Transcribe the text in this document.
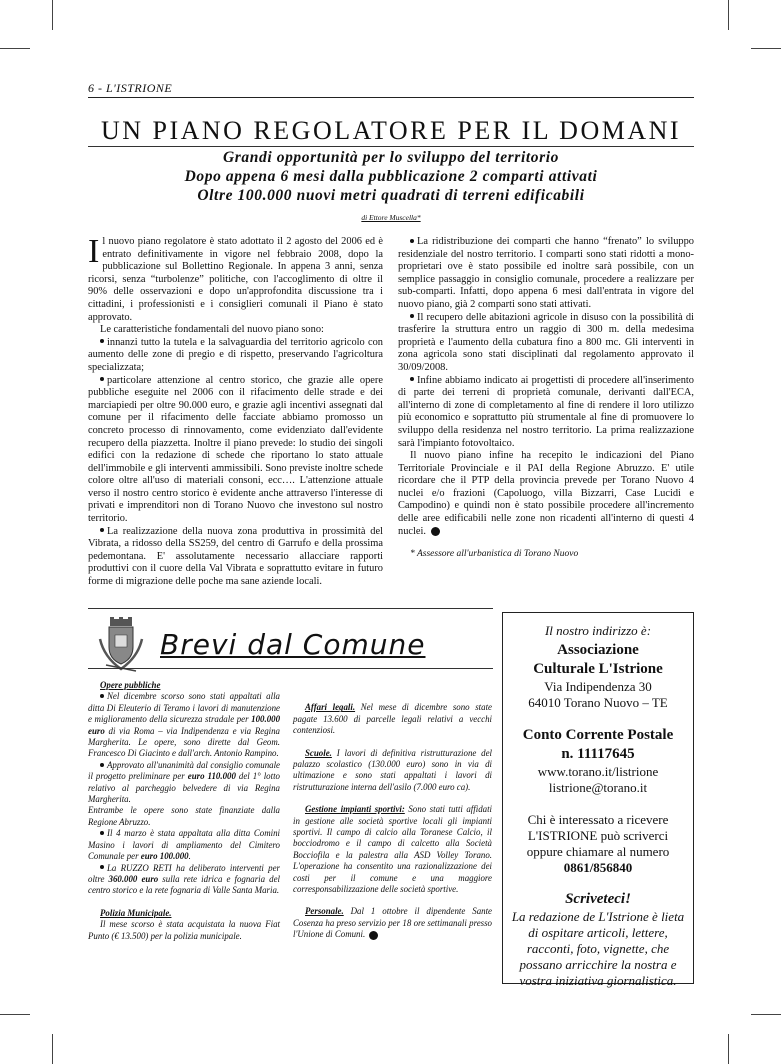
6 - L'ISTRIONE
UN PIANO REGOLATORE PER IL DOMANI
Grandi opportunità per lo sviluppo del territorio
Dopo appena 6 mesi dalla pubblicazione 2 comparti attivati
Oltre 100.000 nuovi metri quadrati di terreni edificabili
di Ettore Muscella*

Il nuovo piano regolatore è stato adottato il 2 agosto del 2006 ed è entrato definitivamente in vigore nel febbraio 2008, dopo la pubblicazione sul Bollettino Regionale. In appena 3 anni, senza ricorsi, senza “turbolenze” politiche, con l'accoglimento di oltre il 90% delle osservazioni e dopo un'approfondita discussione tra i cittadini, i professionisti e i consiglieri comunali il Piano è stato approvato.

Le caratteristiche fondamentali del nuovo piano sono:

innanzi tutto la tutela e la salvaguardia del territorio agricolo con aumento delle zone di pregio e di rispetto, preservando l'agricoltura specializzata;

particolare attenzione al centro storico, che grazie alle opere pubbliche eseguite nel 2006 con il rifacimento delle strade e dei marciapiedi per oltre 90.000 euro, e grazie agli incentivi assegnati dal comune per il rifacimento delle facciate abbiamo promosso un concreto processo di rinnovamento, come evidenziato dall'evidente recupero della piazzetta. Inoltre il piano prevede: lo studio dei singoli edifici con la redazione di schede che riportano lo stato attuale dell'immobile e gli interventi ammissibili. Sono previste inoltre schede colore oltre all'uso di materiali consoni, ecc…. L'attenzione attuale verso il nostro centro storico è evidente anche attraverso l'interesse di privati e imprenditori non di Torano Nuovo che investono sul nostro territorio.

La realizzazione della nuova zona produttiva in prossimità del Vibrata, a ridosso della SS259, del centro di Garrufo e della prossima pedemontana. E' assolutamente necessario allacciare rapporti produttivi con il cuore della Val Vibrata e soprattutto evitare in futuro forme di migrazione delle poche ma sane aziende locali.

La ridistribuzione dei comparti che hanno “frenato” lo sviluppo residenziale del nostro territorio. I comparti sono stati ridotti a mono-proprietari ove è stato possibile ed inoltre sarà possibile, con un semplice passaggio in consiglio comunale, procedere a realizzare per sub-comparti. Infatti, dopo appena 6 mesi dall'entrata in vigore del nuovo piano, già 2 comparti sono stati attivati.

Il recupero delle abitazioni agricole in disuso con la possibilità di trasferire la struttura entro un raggio di 300 m. della medesima proprietà e l'aumento della cubatura fino a 800 mc. Gli interventi in zona agricola sono stati disciplinati dal regolamento approvato il 30/09/2008.

Infine abbiamo indicato ai progettisti di procedere all'inserimento di parte dei terreni di proprietà comunale, derivanti dall'ECA, all'interno di zone di completamento al fine di rendere il loro utilizzo più economico e soprattutto più strumentale al fine di promuovere lo sviluppo della residenza nel nostro territorio. La prima realizzazione sarà l'impianto fotovoltaico.

Il nuovo piano infine ha recepito le indicazioni del Piano Territoriale Provinciale e il PAI della Regione Abruzzo. E' utile ricordare che il PTP della provincia prevede per Torano Nuovo 4 nuclei e/o frazioni (Capoluogo, villa Bizzarri, Case Lucidi e Campodino) e quindi non è stato possibile procedere all'incremento delle aree edificabili nelle zone non ricadenti all'interno di questi 4 nuclei. L

* Assessore all'urbanistica di Torano Nuovo

Brevi dal Comune

Opere pubbliche

Nel dicembre scorso sono stati appaltati alla ditta Di Eleuterio di Teramo i lavori di manutenzione e miglioramento della sicurezza stradale per 100.000 euro di via Roma – via Indipendenza e via Regina Margherita. Le opere, sono dirette dal Geom. Francesco Di Giacinto e dall'arch. Antonio Rampino.

Approvato all'unanimità dal consiglio comunale il progetto preliminare per euro 110.000 del 1° lotto relativo al parcheggio belvedere di via Regina Margherita.

Entrambe le opere sono state finanziate dalla Regione Abruzzo.

Il 4 marzo è stata appaltata alla ditta Comini Masino i lavori di ampliamento del Cimitero Comunale per euro 100.000.

La RUZZO RETI ha deliberato interventi per oltre 360.000 euro sulla rete idrica e fognaria del centro storico e la rete fognaria di Valle Santa Maria.

Polizia Municipale.

Il mese scorso è stata acquistata la nuova Fiat Punto (€ 13.500) per la polizia municipale.

Affari legali. Nel mese di dicembre sono state pagate 13.600 di parcelle legali relativi a vecchi contenziosi.

Scuole. I lavori di definitiva ristrutturazione del palazzo scolastico (130.000 euro) sono in via di ultimazione e sono stati appaltati i lavori di ristrutturazione interna dell'asilo (7.000 euro ca).

Gestione impianti sportivi: Sono stati tutti affidati in gestione alle società sportive locali gli impianti sportivi. Il campo di calcio alla Toranese Calcio, il bocciodromo e il campo di calcetto alla Società Bocciofila e la palestra alla ASD Volley Torano. L'operazione ha consentito una razionalizzazione dei costi per il comune e una maggiore corresponsabilizzazione delle società sportive.

Personale. Dal 1 ottobre il dipendente Sante Cosenza ha preso servizio per 18 ore settimanali presso l'Unione di Comuni. L

Il nostro indirizzo è:
Associazione
Culturale L'Istrione
Via Indipendenza 30
64010 Torano Nuovo – TE
Conto Corrente Postale
n. 11117645
www.torano.it/listrione
listrione@torano.it
Chi è interessato a ricevere
L'ISTRIONE può scriverci
oppure chiamare al numero
0861/856840
Scriveteci!
La redazione de L'Istrione è lieta di ospitare articoli, lettere, racconti, foto, vignette, che possano arricchire la nostra e vostra iniziativa giornalistica.
